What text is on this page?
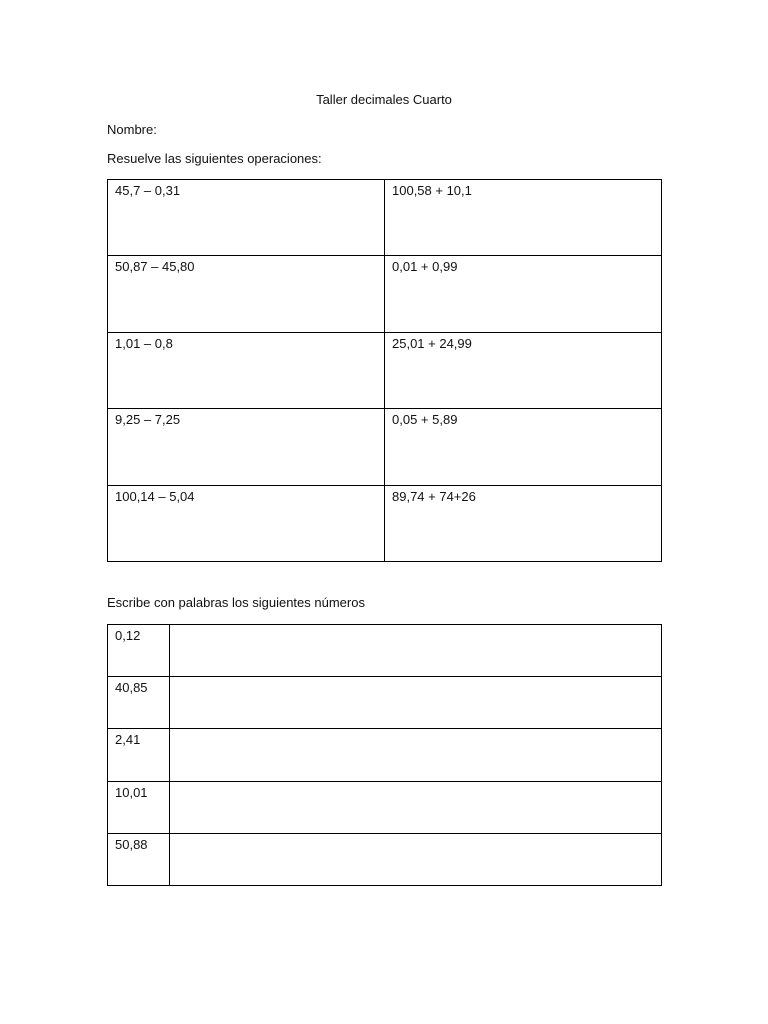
Taller decimales Cuarto
Nombre:
Resuelve las siguientes operaciones:
45,7 – 0,31	100,58 + 10,1
50,87 – 45,80	0,01 + 0,99
1,01 – 0,8	25,01 + 24,99
9,25 – 7,25	0,05 + 5,89
100,14 – 5,04	89,74 + 74+26
Escribe con palabras los siguientes números
0,12	
40,85	
2,41	
10,01	
50,88	
